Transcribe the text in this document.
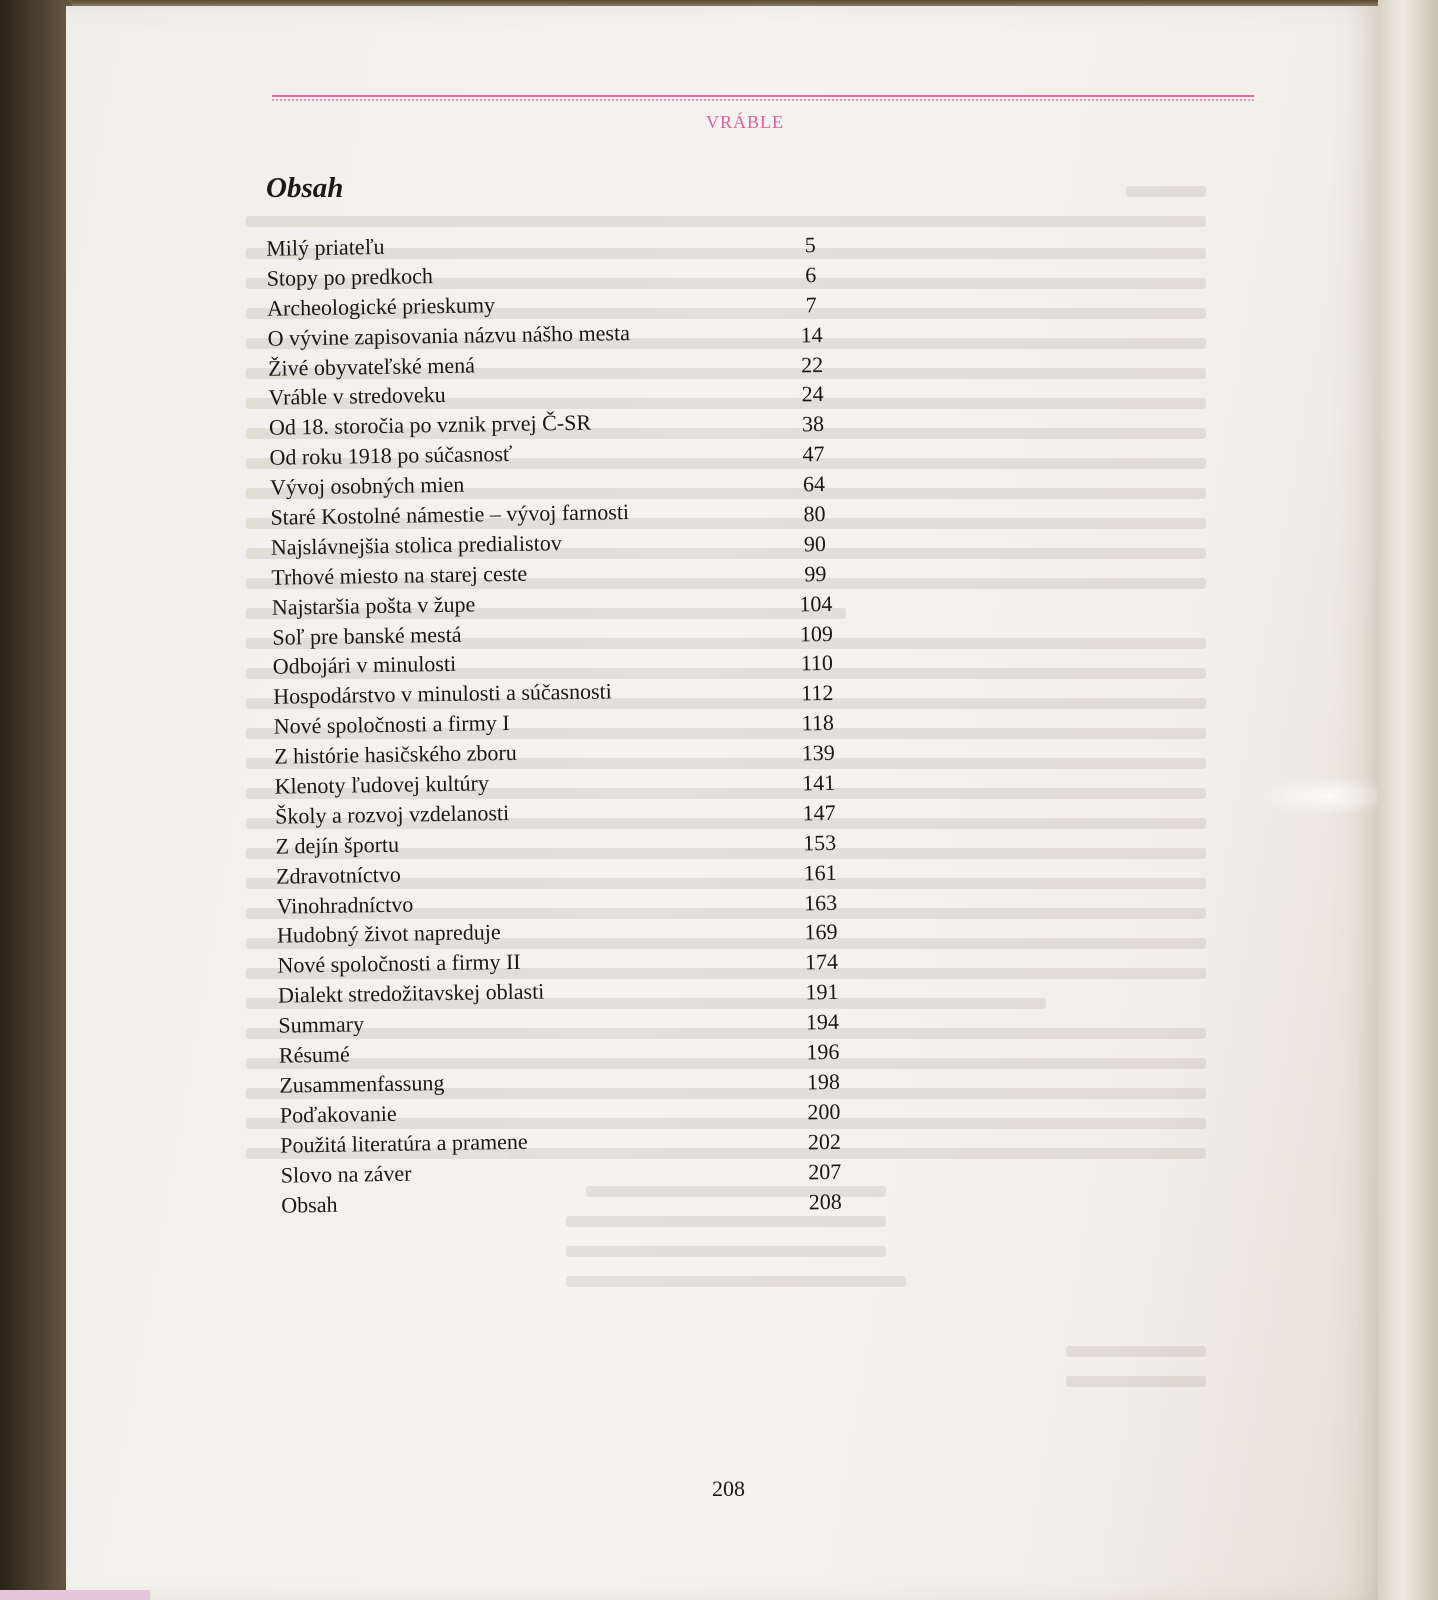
VRÁBLE
Obsah
Milý priateľu	5
Stopy po predkoch	6
Archeologické prieskumy	7
O vývine zapisovania názvu nášho mesta	14
Živé obyvateľské mená	22
Vráble v stredoveku	24
Od 18. storočia po vznik prvej Č-SR	38
Od roku 1918 po súčasnosť	47
Vývoj osobných mien	64
Staré Kostolné námestie – vývoj farnosti	80
Najslávnejšia stolica predialistov	90
Trhové miesto na starej ceste	99
Najstaršia pošta v župe	104
Soľ pre banské mestá	109
Odbojári v minulosti	110
Hospodárstvo v minulosti a súčasnosti	112
Nové spoločnosti a firmy I	118
Z histórie hasičského zboru	139
Klenoty ľudovej kultúry	141
Školy a rozvoj vzdelanosti	147
Z dejín športu	153
Zdravotníctvo	161
Vinohradníctvo	163
Hudobný život napreduje	169
Nové spoločnosti a firmy II	174
Dialekt stredožitavskej oblasti	191
Summary	194
Résumé	196
Zusammenfassung	198
Poďakovanie	200
Použitá literatúra a pramene	202
Slovo na záver	207
Obsah	208
208
